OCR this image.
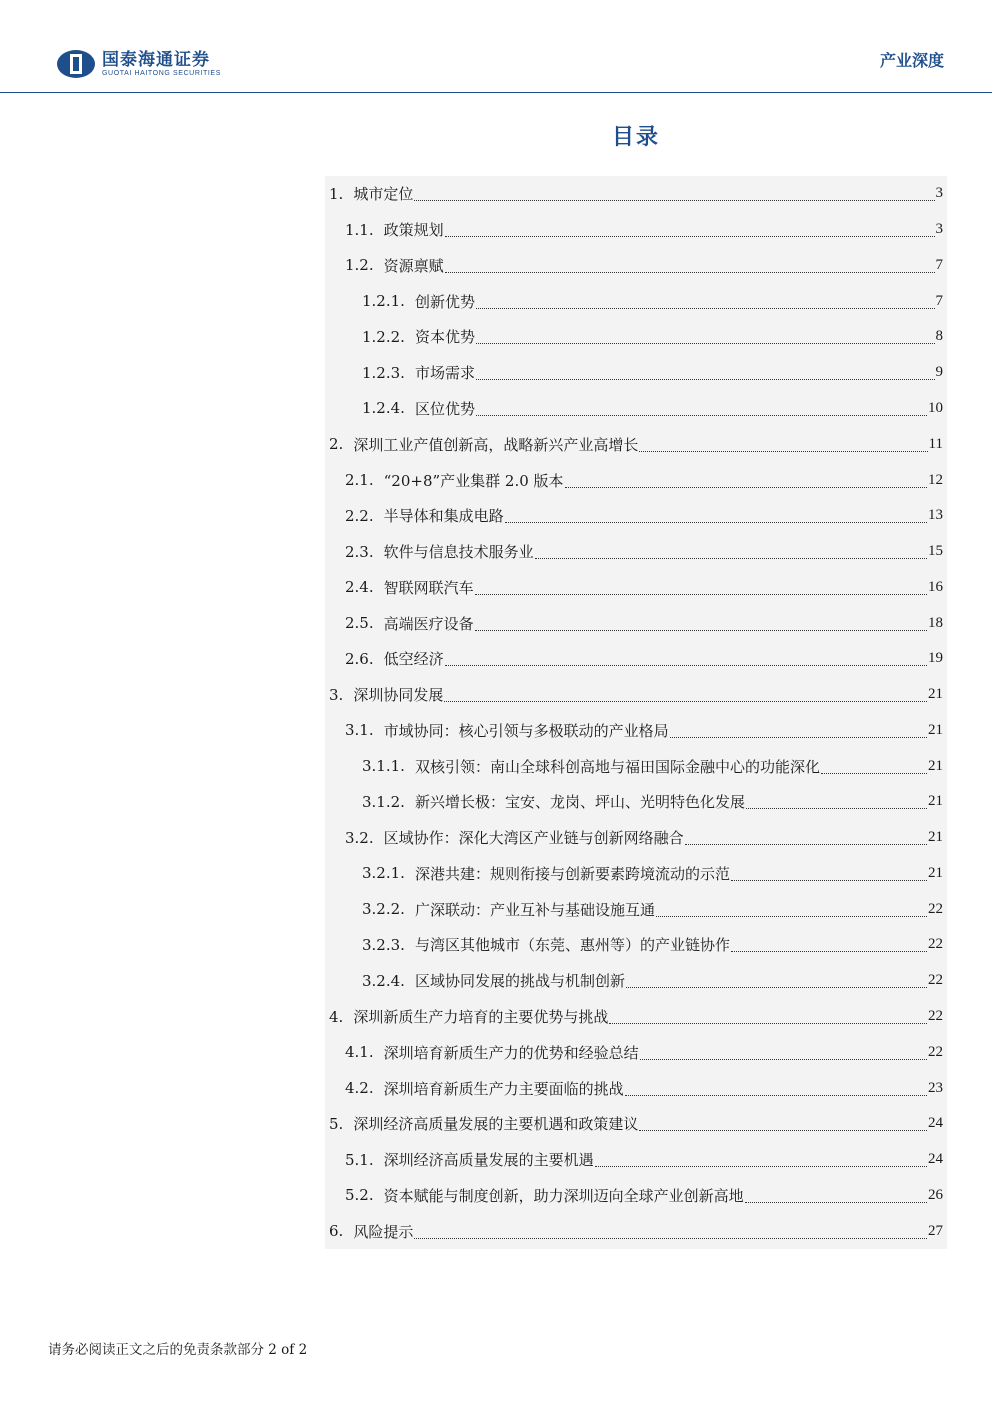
国泰海通证券
GUOTAI HAITONG SECURITIES
产业深度
目录
1. 城市定位	3
1.1. 政策规划	3
1.2. 资源禀赋	7
1.2.1. 创新优势	7
1.2.2. 资本优势	8
1.2.3. 市场需求	9
1.2.4. 区位优势	10
2. 深圳工业产值创新高，战略新兴产业高增长	11
2.1. “20+8”产业集群 2.0 版本	12
2.2. 半导体和集成电路	13
2.3. 软件与信息技术服务业	15
2.4. 智联网联汽车	16
2.5. 高端医疗设备	18
2.6. 低空经济	19
3. 深圳协同发展	21
3.1. 市域协同：核心引领与多极联动的产业格局	21
3.1.1. 双核引领：南山全球科创高地与福田国际金融中心的功能深化	21
3.1.2. 新兴增长极：宝安、龙岗、坪山、光明特色化发展	21
3.2. 区域协作：深化大湾区产业链与创新网络融合	21
3.2.1. 深港共建：规则衔接与创新要素跨境流动的示范	21
3.2.2. 广深联动：产业互补与基础设施互通	22
3.2.3. 与湾区其他城市（东莞、惠州等）的产业链协作	22
3.2.4. 区域协同发展的挑战与机制创新	22
4. 深圳新质生产力培育的主要优势与挑战	22
4.1. 深圳培育新质生产力的优势和经验总结	22
4.2. 深圳培育新质生产力主要面临的挑战	23
5. 深圳经济高质量发展的主要机遇和政策建议	24
5.1. 深圳经济高质量发展的主要机遇	24
5.2. 资本赋能与制度创新，助力深圳迈向全球产业创新高地	26
6. 风险提示	27
请务必阅读正文之后的免责条款部分 2 of 2
